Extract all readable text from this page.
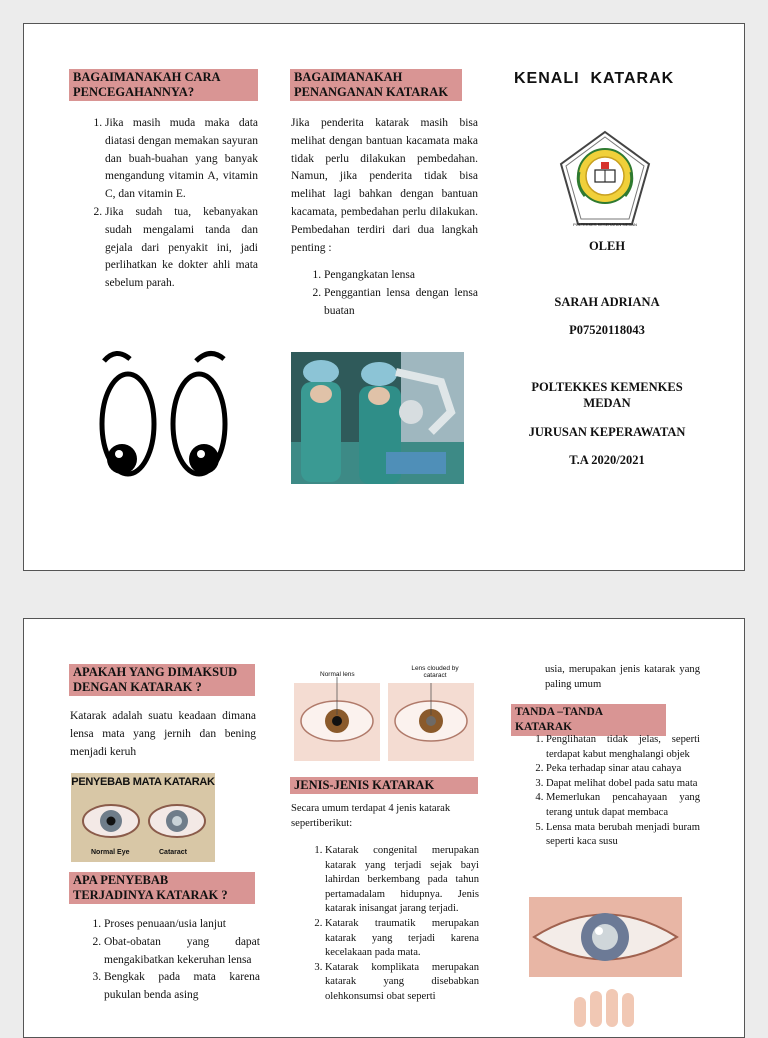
BAGAIMANAKAH CARA PENCEGAHANNYA?
1. Jika masih muda maka data diatasi dengan memakan sayuran dan buah-buahan yang banyak mengandung vitamin A, vitamin C, dan vitamin E.
2. Jika sudah tua, kebanyakan sudah mengalami tanda dan gejala dari penyakit ini, jadi perlihatkan ke dokter ahli mata sebelum parah.
BAGAIMANAKAH PENANGANAN KATARAK

Jika penderita katarak masih bisa melihat dengan bantuan kacamata maka tidak perlu dilakukan pembedahan. Namun, jika penderita tidak bisa melihat lagi bahkan dengan bantuan kacamata, pembedahan perlu dilakukan. Pembedahan terdiri dari dua langkah penting :

1. Pengangkatan lensa
2. Penggantian lensa dengan lensa buatan
KENALI  KATARAK
POLTEKKES KESEHATAN MEDAN
OLEH
SARAH ADRIANA
P07520118043
POLTEKKES KEMENKES MEDAN
JURUSAN KEPERAWATAN
T.A 2020/2021
APAKAH YANG DIMAKSUD DENGAN KATARAK ?
Katarak adalah suatu keadaan dimana lensa mata yang jernih dan bening menjadi keruh
PENYEBAB MATA KATARAK
Normal Eye	Cataract
APA PENYEBAB TERJADINYA KATARAK ?
1. Proses penuaan/usia lanjut
2. Obat-obatan yang dapat mengakibatkan kekeruhan lensa
3. Bengkak pada mata karena pukulan benda asing
Normal lens
Lens clouded by cataract
JENIS-JENIS KATARAK
Secara umum terdapat 4 jenis katarak sepertiberikut:
1. Katarak congenital merupakan katarak yang terjadi sejak bayi lahirdan berkembang pada tahun pertamadalam hidupnya. Jenis katarak inisangat jarang terjadi.
2. Katarak traumatik merupakan katarak yang terjadi karena kecelakaan pada mata.
3. Katarak komplikata merupakan katarak yang disebabkan olehkonsumsi obat seperti
usia, merupakan jenis katarak yang paling umum
TANDA –TANDA KATARAK
1. Penglihatan tidak jelas, seperti terdapat kabut menghalangi objek
2. Peka terhadap sinar atau cahaya
3. Dapat melihat dobel pada satu mata
4. Memerlukan pencahayaan yang terang untuk dapat membaca
5. Lensa mata berubah menjadi buram seperti kaca susu
